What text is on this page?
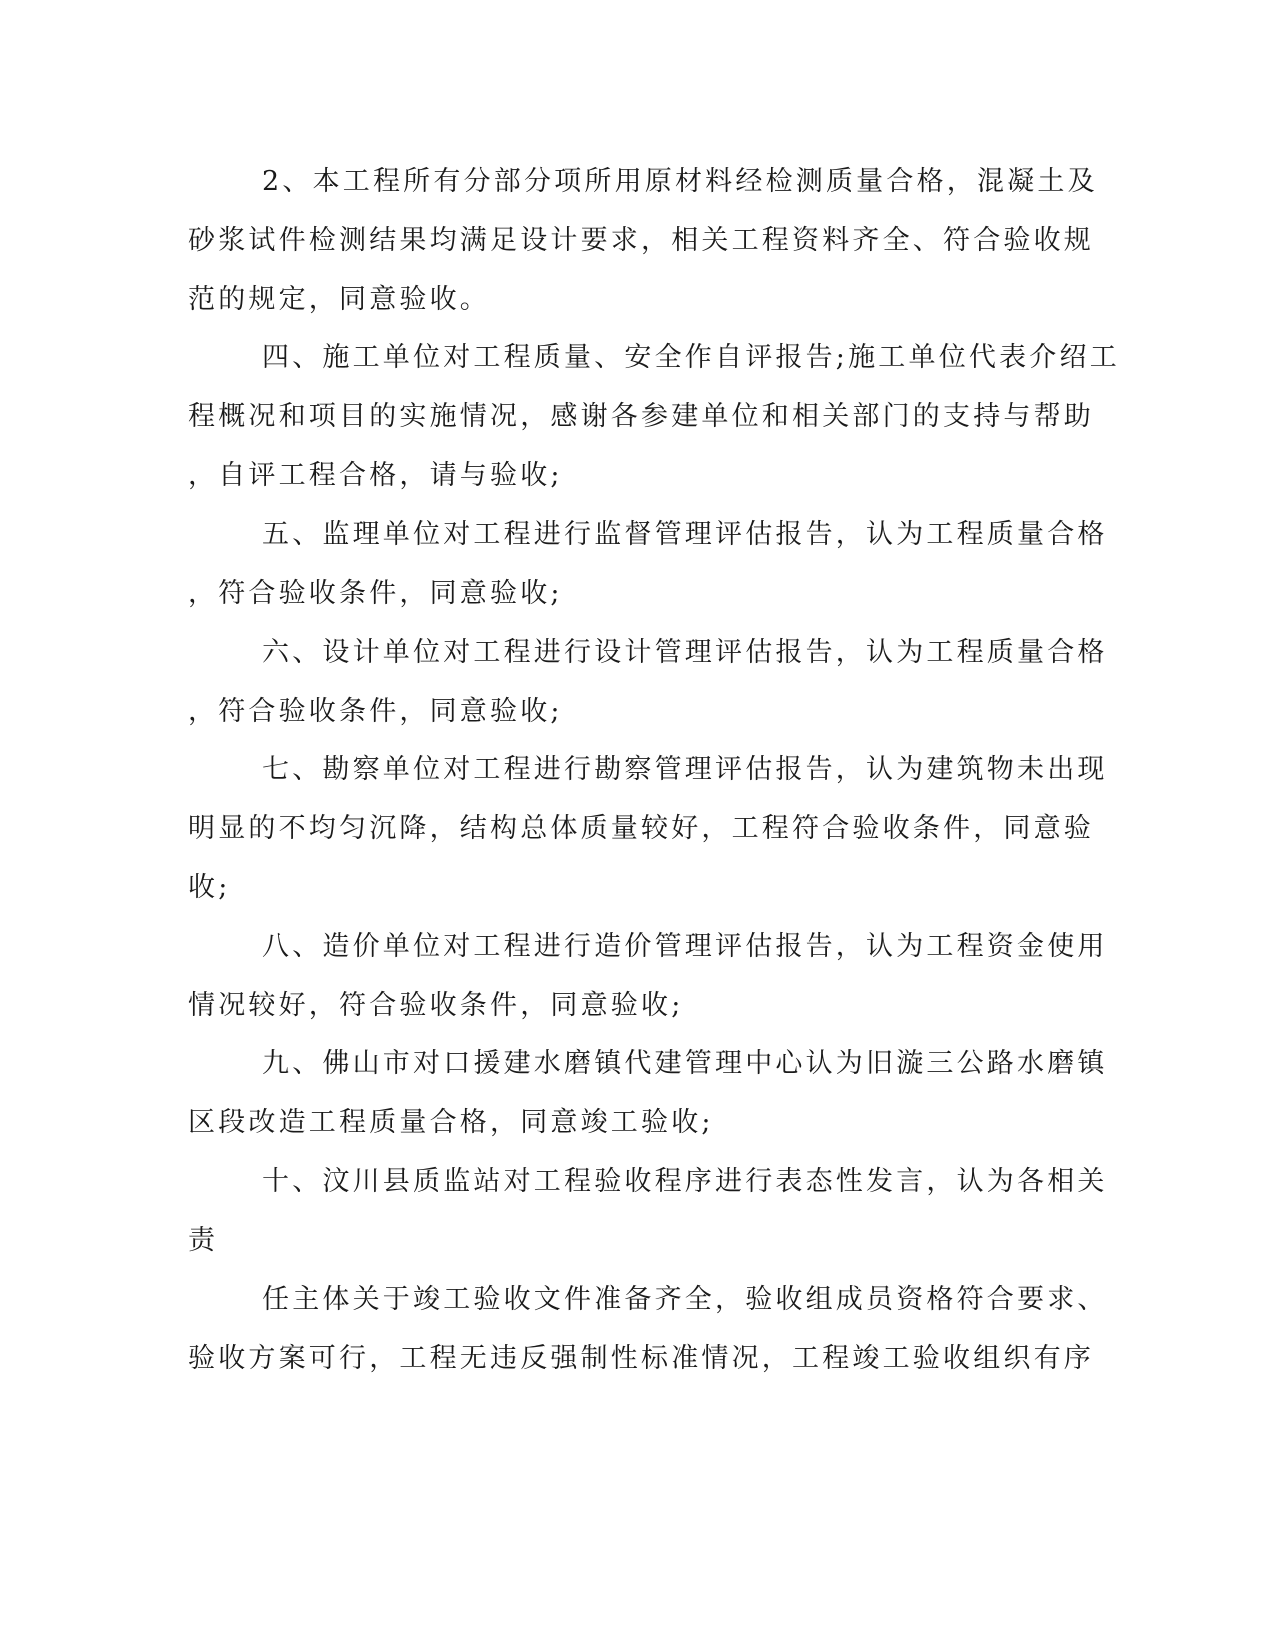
2、本工程所有分部分项所用原材料经检测质量合格，混凝土及
砂浆试件检测结果均满足设计要求，相关工程资料齐全、符合验收规
范的规定，同意验收。
四、施工单位对工程质量、安全作自评报告;施工单位代表介绍工
程概况和项目的实施情况，感谢各参建单位和相关部门的支持与帮助
，自评工程合格，请与验收;
五、监理单位对工程进行监督管理评估报告，认为工程质量合格
，符合验收条件，同意验收;
六、设计单位对工程进行设计管理评估报告，认为工程质量合格
，符合验收条件，同意验收;
七、勘察单位对工程进行勘察管理评估报告，认为建筑物未出现
明显的不均匀沉降，结构总体质量较好，工程符合验收条件，同意验
收;
八、造价单位对工程进行造价管理评估报告，认为工程资金使用
情况较好，符合验收条件，同意验收;
九、佛山市对口援建水磨镇代建管理中心认为旧漩三公路水磨镇
区段改造工程质量合格，同意竣工验收;
十、汶川县质监站对工程验收程序进行表态性发言，认为各相关
责
任主体关于竣工验收文件准备齐全，验收组成员资格符合要求、
验收方案可行，工程无违反强制性标准情况，工程竣工验收组织有序
